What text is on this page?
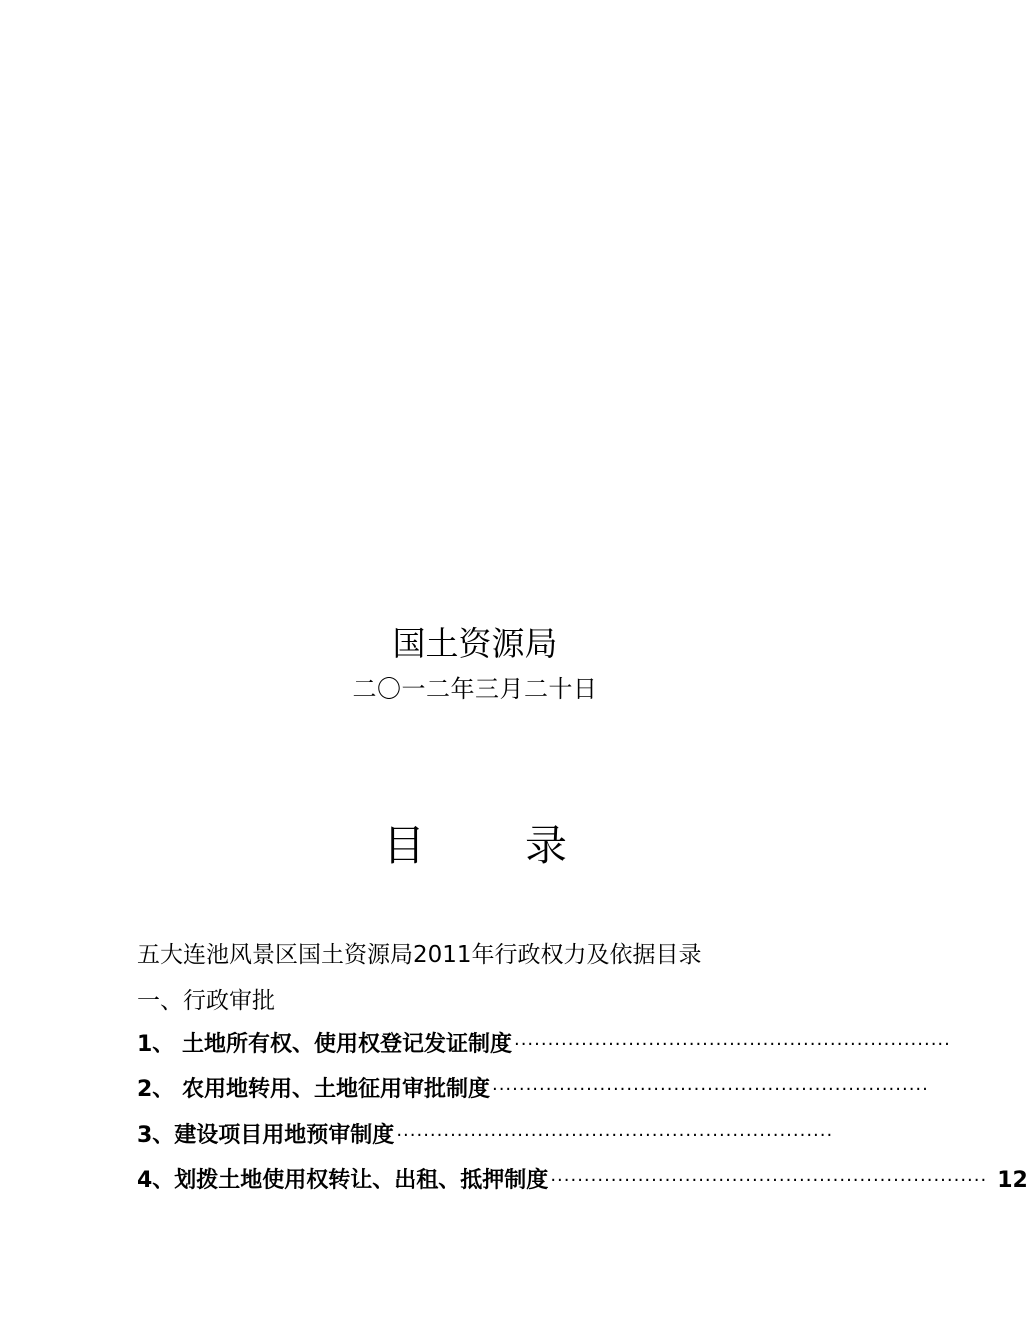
国土资源局
二〇一二年三月二十日
目 录
五大连池风景区国土资源局2011年行政权力及依据目录
一、行政审批
1、 土地所有权、使用权登记发证制度 ·································································
2、 农用地转用、土地征用审批制度 ·································································
3、建设项目用地预审制度 ·································································
4、划拨土地使用权转让、出租、抵押制度 ································································· 12
